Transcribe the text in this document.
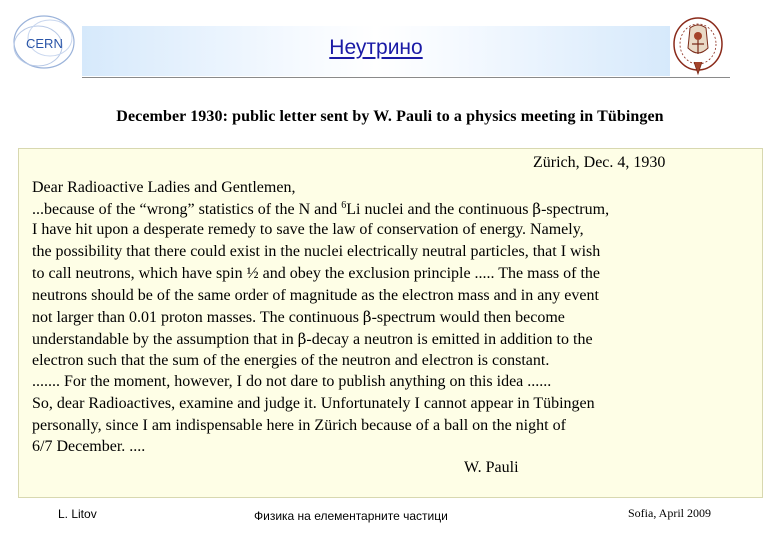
CERN	Неутрино
December 1930: public letter sent by W. Pauli to a physics meeting in Tübingen
Zürich, Dec. 4, 1930
Dear Radioactive Ladies and Gentlemen,
...because of the “wrong” statistics of the N and $^6$Li nuclei and the continuous β-spectrum,
I have hit upon a desperate remedy to save the law of conservation of energy. Namely,
the possibility that there could exist in the nuclei electrically neutral particles, that I wish
to call neutrons, which have spin ½ and obey the exclusion principle ..... The mass of the
neutrons should be of the same order of magnitude as the electron mass and in any event
not larger than 0.01 proton masses. The continuous β-spectrum would then become
understandable by the assumption that in β-decay a neutron is emitted in addition to the
electron such that the sum of the energies of the neutron and electron is constant.
....... For the moment, however, I do not dare to publish anything on this idea ......
So, dear Radioactives, examine and judge it. Unfortunately I cannot appear in Tübingen
personally, since I am indispensable here in Zürich because of a ball on the night of
6/7 December. ....
W. Pauli
L. Litov	Физика на елементарните частици	Sofia, April 2009
